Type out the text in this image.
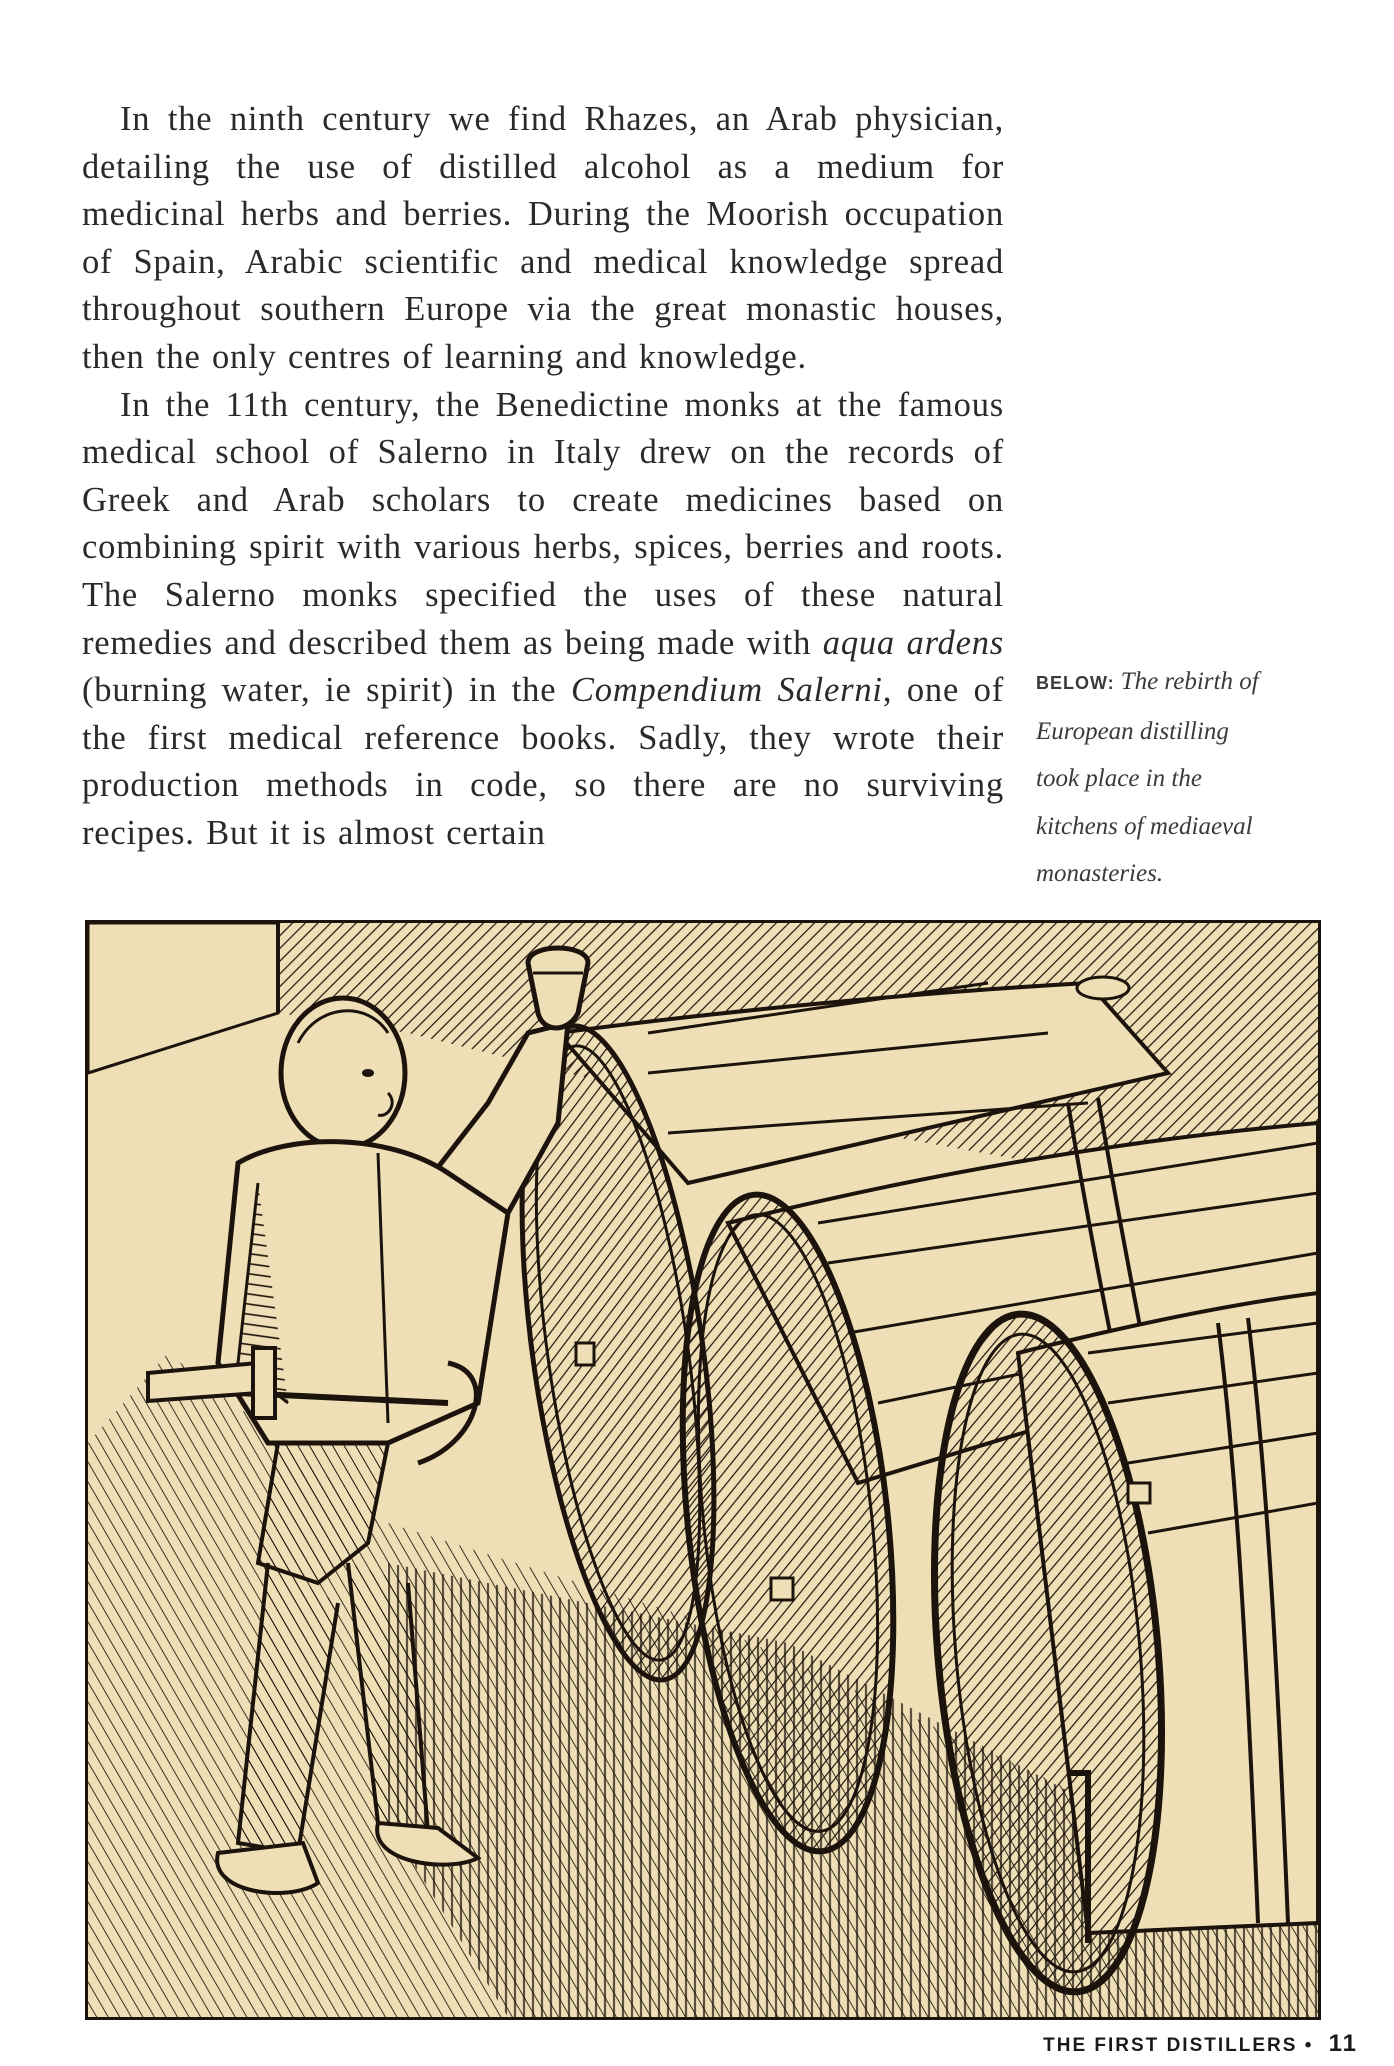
In the ninth century we find Rhazes, an Arab physician, detailing the use of distilled alcohol as a medium for medicinal herbs and berries. During the Moorish occupation of Spain, Arabic scientific and medical knowledge spread throughout southern Europe via the great monastic houses, then the only centres of learning and knowledge.

In the 11th century, the Benedictine monks at the famous medical school of Salerno in Italy drew on the records of Greek and Arab scholars to create medicines based on combining spirit with various herbs, spices, berries and roots. The Salerno monks specified the uses of these natural remedies and described them as being made with aqua ardens (burning water, ie spirit) in the Compendium Salerni, one of the first medical reference books. Sadly, they wrote their production methods in code, so there are no surviving recipes. But it is almost certain

BELOW: The rebirth of
European distilling
took place in the
kitchens of mediaeval
monasteries.
THE FIRST DISTILLERS • 11
